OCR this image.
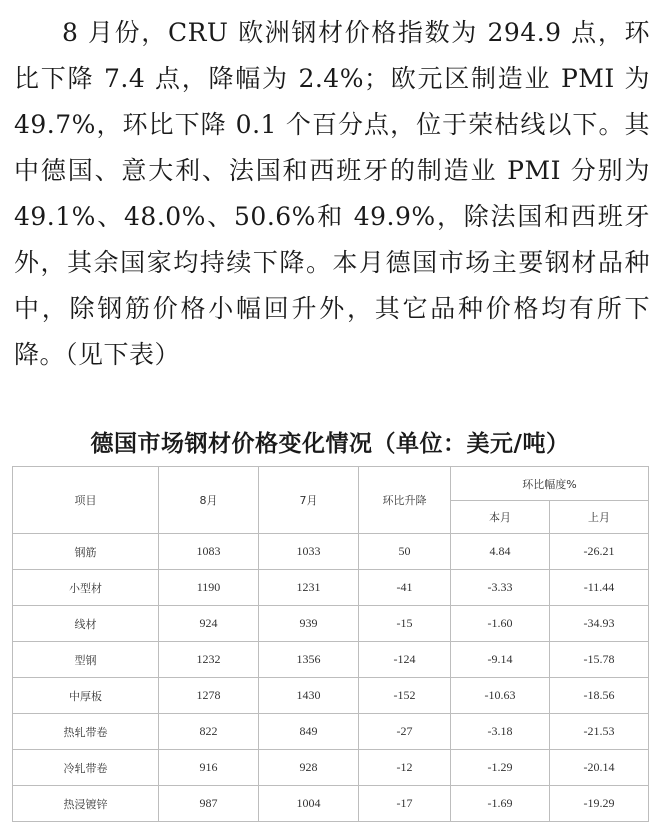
8 月份，CRU 欧洲钢材价格指数为 294.9 点，环比下降 7.4 点，降幅为 2.4%；欧元区制造业 PMI 为 49.7%，环比下降 0.1 个百分点，位于荣枯线以下。其中德国、意大利、法国和西班牙的制造业 PMI 分别为 49.1%、48.0%、50.6%和 49.9%，除法国和西班牙外，其余国家均持续下降。本月德国市场主要钢材品种中，除钢筋价格小幅回升外，其它品种价格均有所下降。（见下表）
德国市场钢材价格变化情况（单位：美元/吨）
项目	8月	7月	环比升降	环比幅度%	
				本月	上月
钢筋	1083	1033	50	4.84	-26.21
小型材	1190	1231	-41	-3.33	-11.44
线材	924	939	-15	-1.60	-34.93
型钢	1232	1356	-124	-9.14	-15.78
中厚板	1278	1430	-152	-10.63	-18.56
热轧带卷	822	849	-27	-3.18	-21.53
冷轧带卷	916	928	-12	-1.29	-20.14
热浸镀锌	987	1004	-17	-1.69	-19.29
